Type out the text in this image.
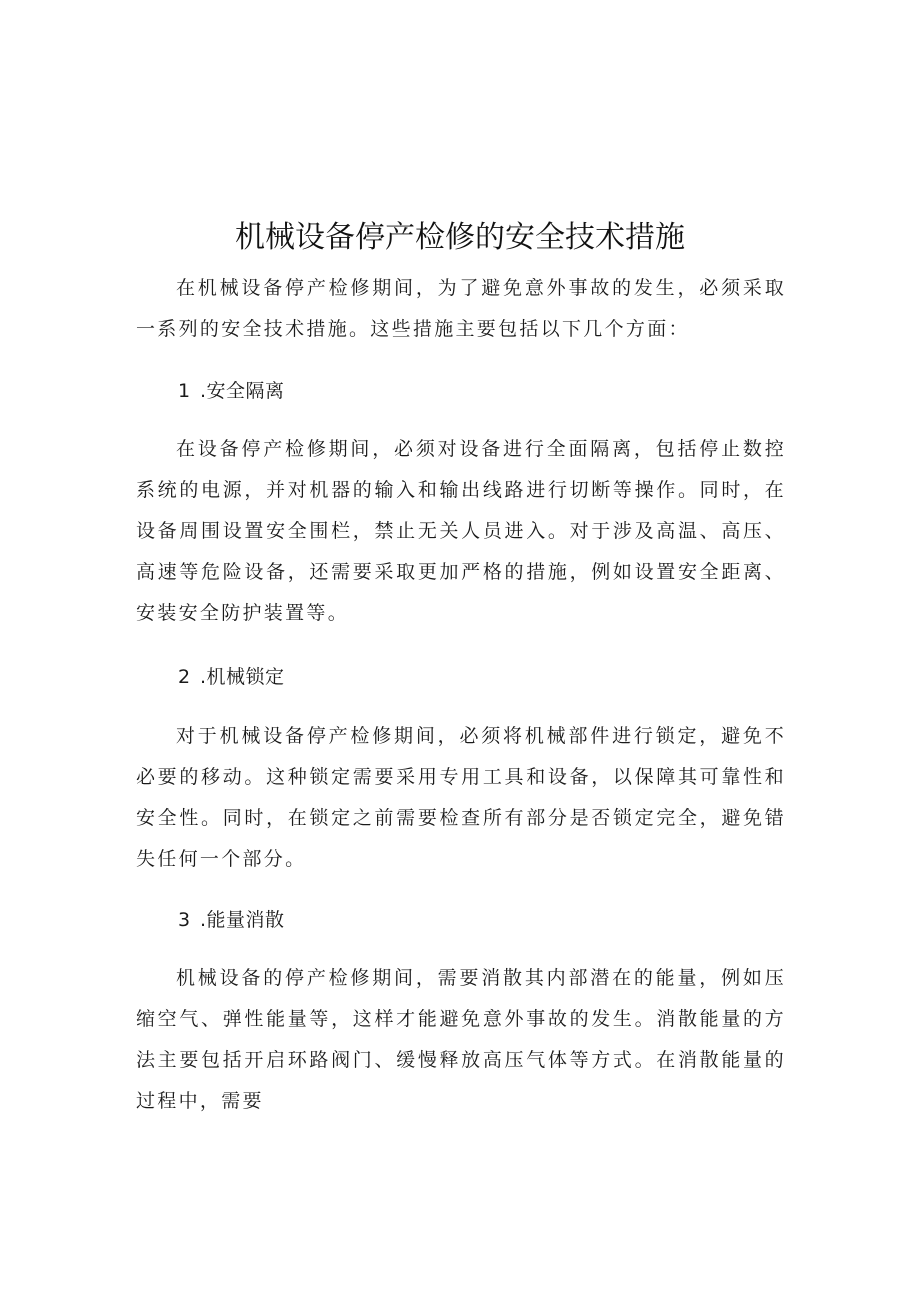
机械设备停产检修的安全技术措施
在机械设备停产检修期间，为了避免意外事故的发生，必须采取一系列的安全技术措施。这些措施主要包括以下几个方面：
1 .安全隔离
在设备停产检修期间，必须对设备进行全面隔离，包括停止数控系统的电源，并对机器的输入和输出线路进行切断等操作。同时，在设备周围设置安全围栏，禁止无关人员进入。对于涉及高温、高压、高速等危险设备，还需要采取更加严格的措施，例如设置安全距离、安装安全防护装置等。
2 .机械锁定
对于机械设备停产检修期间，必须将机械部件进行锁定，避免不必要的移动。这种锁定需要采用专用工具和设备，以保障其可靠性和安全性。同时，在锁定之前需要检查所有部分是否锁定完全，避免错失任何一个部分。
3 .能量消散
机械设备的停产检修期间，需要消散其内部潜在的能量，例如压缩空气、弹性能量等，这样才能避免意外事故的发生。消散能量的方法主要包括开启环路阀门、缓慢释放高压气体等方式。在消散能量的过程中，需要
